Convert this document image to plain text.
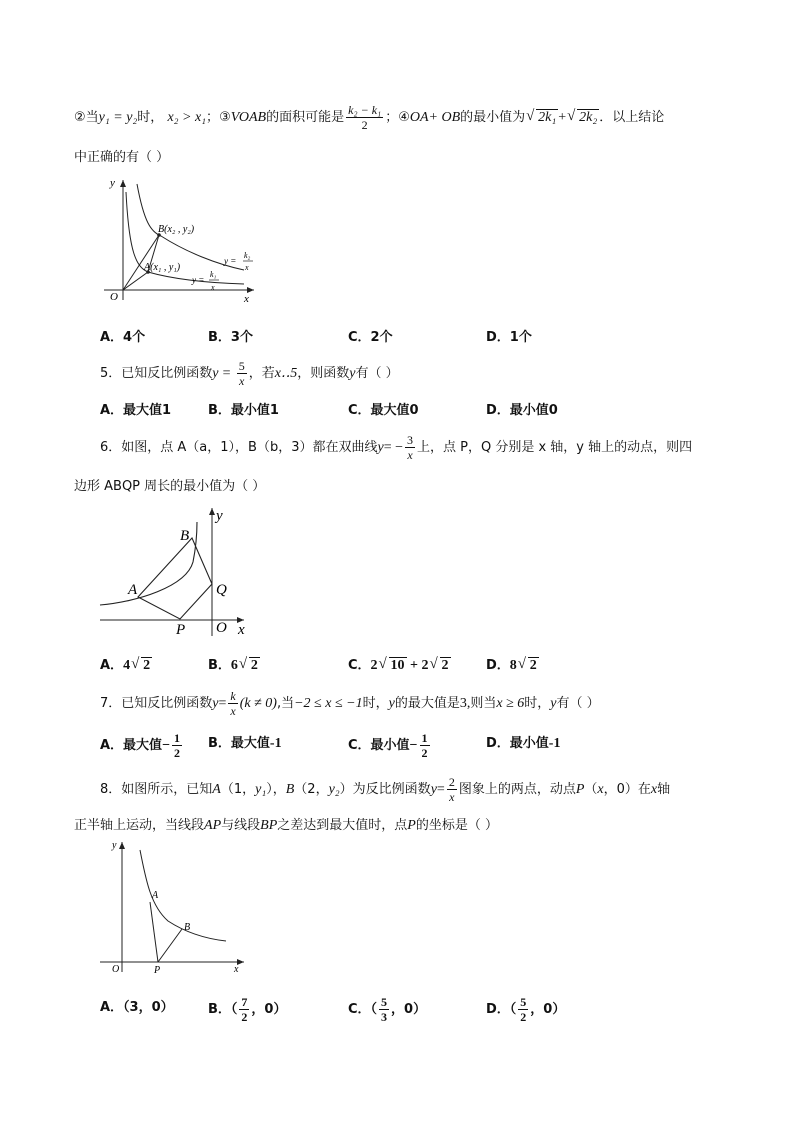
②当y₁ = y₂时， x₂ > x₁；③VOAB的面积可能是 $\frac{\text{k₂ − k₁}}{2}$ ；④OA+ OB的最小值为 √ 2k₁ + √ 2k₂ ．以上结论
中正确的有（ ）
y
x
O
B(x₂ , y₂)
A(x₁ , y₁)
y =
k₂
x
y =
k₁
x
A．4个	B．3个	C．2个	D．1个
5．已知反比例函数$y = \frac{5}{x}$ ，若x‥5，则函数y有（ ）
A．最大值1	B．最小值1	C．最大值0	D．最小值0
6．如图，点 A（a，1），B（b，3）都在双曲线$y= - \frac{3}{x}$ 上，点 P，Q 分别是 x 轴，y 轴上的动点，则四
边形 ABQP 周长的最小值为（ ）
y
x
B
A	Q
P O
A．4 √ 2	B．6 √ 2	C．2 √ 10 + 2 √ 2	D．8 √ 2
7．已知反比例函数$y= \frac{k}{x} (k \ne 0)$,当−2 ≤ x ≤ −1时，y的最大值是3,则当x ≥ 6时，y有（ ）
A．最大值− $\frac{1}{2}$ B．最大值-1	C．最小值− $\frac{1}{2}$	D．最小值-1
8．如图所示，已知A（1，y₁），B（2，y₂）为反比例函数$y= \frac{2}{x}$ 图象上的两点，动点P（x，0）在x轴
正半轴上运动，当线段AP与线段BP之差达到最大值时，点P的坐标是（ ）
y
x
O
A
B
P
A．（3，0）	B．（ $\frac{7}{2}$ ，0）	C．（ $\frac{5}{3}$ ，0）	D．（ $\frac{5}{2}$ ，0）
